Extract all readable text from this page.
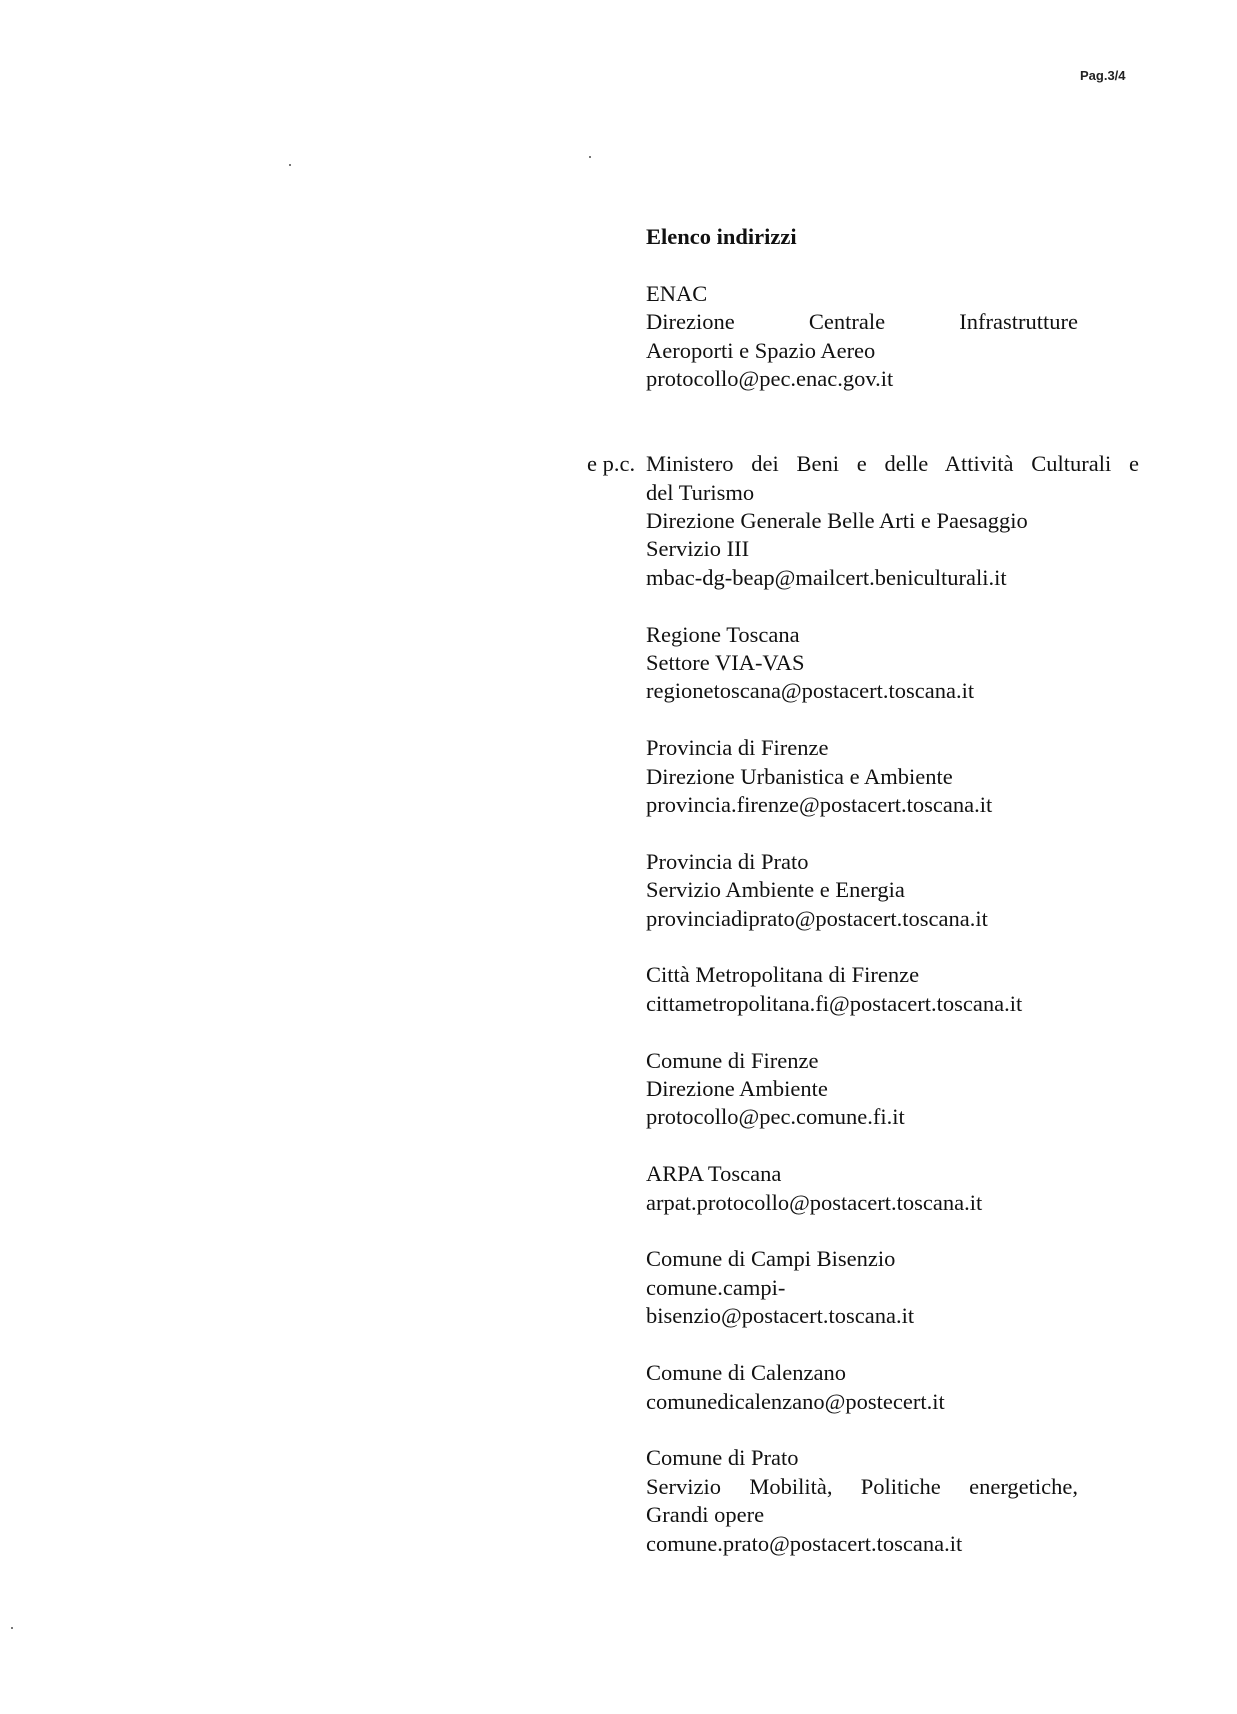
Pag.3/4
Elenco indirizzi
ENAC
Direzione Centrale Infrastrutture
Aeroporti e Spazio Aereo
protocollo@pec.enac.gov.it
e p.c. Ministero dei Beni e delle Attività Culturali e
del Turismo
Direzione Generale Belle Arti e Paesaggio
Servizio III
mbac-dg-beap@mailcert.beniculturali.it
Regione Toscana
Settore VIA-VAS
regionetoscana@postacert.toscana.it
Provincia di Firenze
Direzione Urbanistica e Ambiente
provincia.firenze@postacert.toscana.it
Provincia di Prato
Servizio Ambiente e Energia
provinciadiprato@postacert.toscana.it
Città Metropolitana di Firenze
cittametropolitana.fi@postacert.toscana.it
Comune di Firenze
Direzione Ambiente
protocollo@pec.comune.fi.it
ARPA Toscana
arpat.protocollo@postacert.toscana.it
Comune di Campi Bisenzio
comune.campi-
bisenzio@postacert.toscana.it
Comune di Calenzano
comunedicalenzano@postecert.it
Comune di Prato
Servizio Mobilità, Politiche energetiche,
Grandi opere
comune.prato@postacert.toscana.it
